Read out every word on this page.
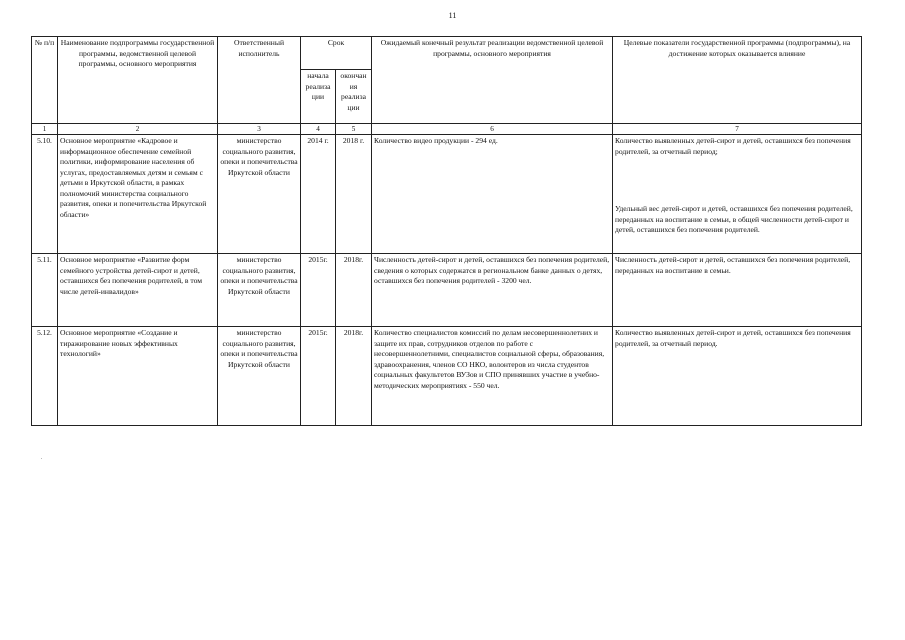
11
№ п/п	Наименование подпрограммы государственной программы, ведомственной целевой программы, основного мероприятия	Ответственный исполнитель	Срок		Ожидаемый конечный результат реализации ведомственной целевой программы, основного мероприятия	Целевые показатели государственной программы (подпрограммы), на достижение которых оказывается влияние
			начала реализа ции	окончан ия реализа ции		
1	2	3	4	5	6	7
5.10.	Основное мероприятие «Кадровое и информационное обеспечение семейной политики, информирование населения об услугах, предоставляемых детям и семьям с детьми в Иркутской области, в рамках полномочий министерства социального развития, опеки и попечительства Иркутской области»	министерство социального развития, опеки и попечительства Иркутской области	2014 г.	2018 г.	Количество видео продукции - 294 ед.	Количество выявленных детей-сирот и детей, оставшихся без попечения родителей, за отчетный период;
						Удельный вес детей-сирот и детей, оставшихся без попечения родителей, переданных на воспитание в семьи, в общей численности детей-сирот и детей, оставшихся без попечения родителей.
5.11.	Основное мероприятие «Развитие форм семейного устройства детей-сирот и детей, оставшихся без попечения родителей, в том числе детей-инвалидов»	министерство социального развития, опеки и попечительства Иркутской области	2015г.	2018г.	Численность детей-сирот и детей, оставшихся без попечения родителей, сведения о которых содержатся в региональном банке данных о детях, оставшихся без попечения родителей - 3200 чел.	Численность детей-сирот и детей, оставшихся без попечения родителей, переданных на воспитание в семьи.
5.12.	Основное мероприятие «Создание и тиражирование новых эффективных технологий»	министерство социального развития, опеки и попечительства Иркутской области	2015г.	2018г.	Количество специалистов комиссий по делам несовершеннолетних и защите их прав, сотрудников отделов по работе с несовершеннолетними, специалистов социальной сферы, образования, здравоохранения, членов СО НКО, волонтеров из числа студентов социальных факультетов ВУЗов и СПО принявших участие в учебно-методических мероприятиях - 550 чел.	Количество выявленных детей-сирот и детей, оставшихся без попечения родителей, за отчетный период.
